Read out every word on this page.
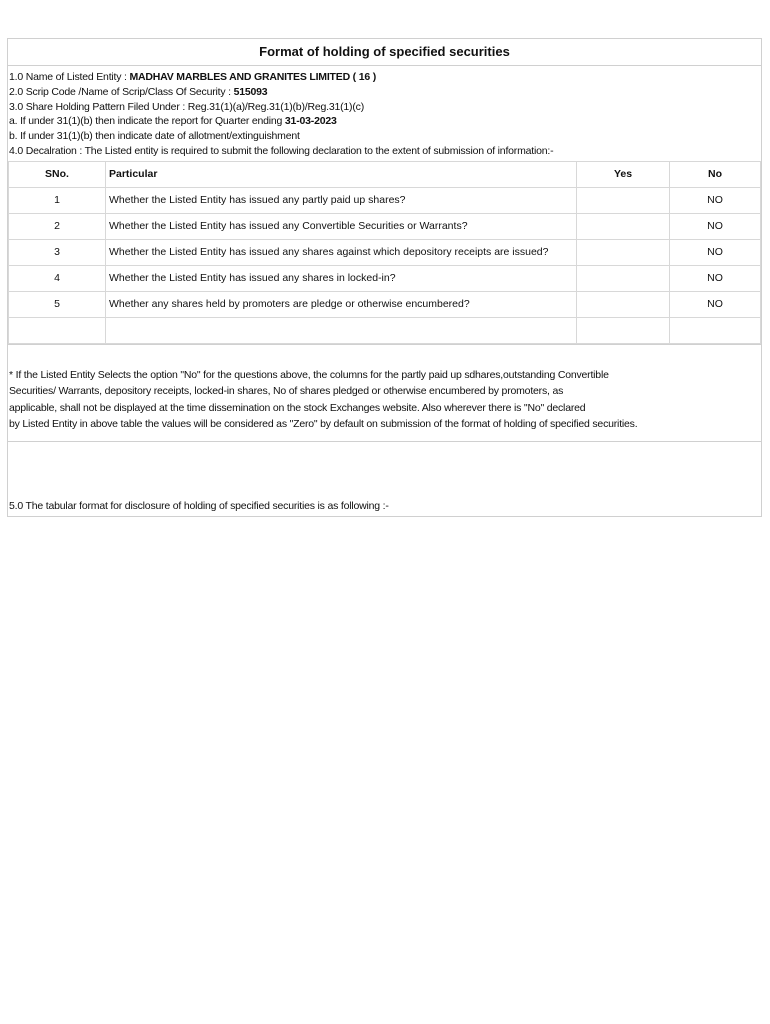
Format of holding of specified securities
1.0 Name of Listed Entity : MADHAV MARBLES AND GRANITES LIMITED ( 16 )
2.0 Scrip Code /Name of Scrip/Class Of Security : 515093
3.0 Share Holding Pattern Filed Under : Reg.31(1)(a)/Reg.31(1)(b)/Reg.31(1)(c)
a. If under 31(1)(b) then indicate the report for Quarter ending 31-03-2023
b. If under 31(1)(b) then indicate date of allotment/extinguishment
4.0 Decalration : The Listed entity is required to submit the following declaration to the extent of submission of information:-
SNo.	Particular	Yes	No
1	Whether the Listed Entity has issued any partly paid up shares?		NO
2	Whether the Listed Entity has issued any Convertible Securities or Warrants?		NO
3	Whether the Listed Entity has issued any shares against which depository receipts are issued?		NO
4	Whether the Listed Entity has issued any shares in locked-in?		NO
5	Whether any shares held by promoters are pledge or otherwise encumbered?		NO

* If the Listed Entity Selects the option "No" for the questions above, the columns for the partly paid up sdhares,outstanding Convertible
Securities/ Warrants, depository receipts, locked-in shares, No of shares pledged or otherwise encumbered by promoters, as
applicable, shall not be displayed at the time dissemination on the stock Exchanges website. Also wherever there is "No" declared
by Listed Entity in above table the values will be considered as "Zero" by default on submission of the format of holding of specified securities.
5.0 The tabular format for disclosure of holding of specified securities is as following :-
